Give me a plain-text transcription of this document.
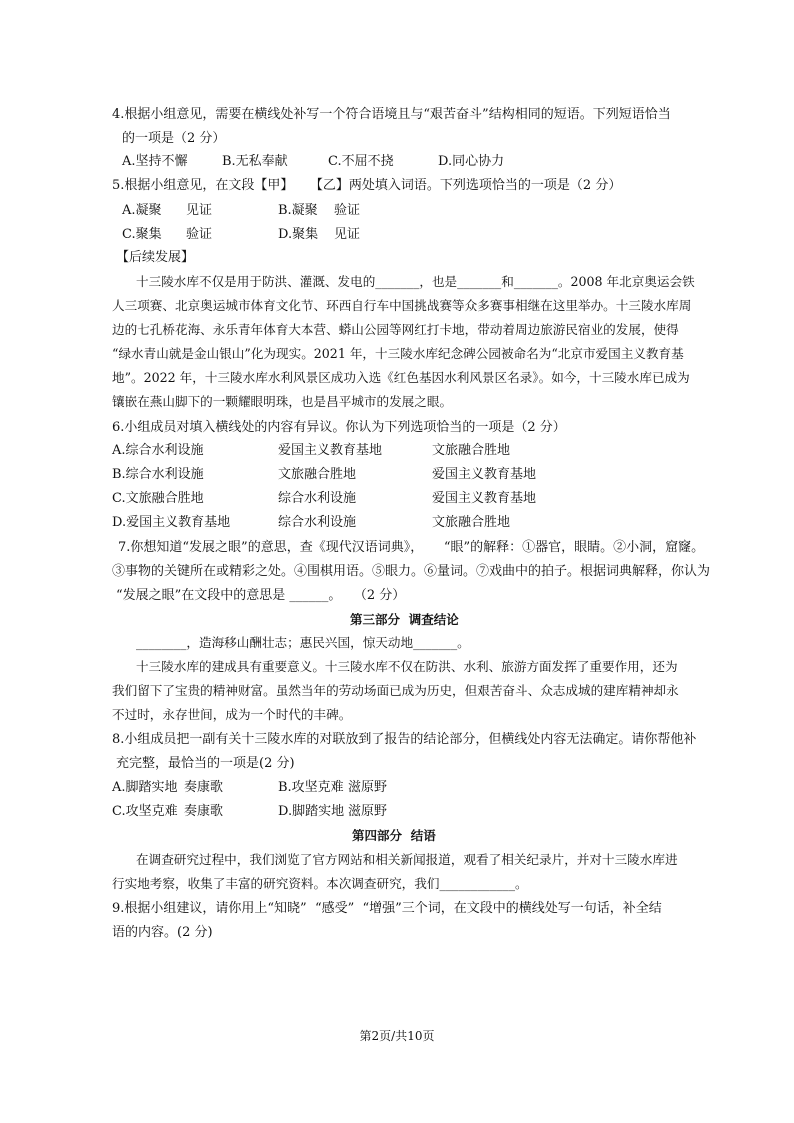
4.根据小组意见，需要在横线处补写一个符合语境且与“艰苦奋斗”结构相同的短语。下列短语恰当
的一项是（2 分）
A.坚持不懈	B.无私奉献	C.不屈不挠	D.同心协力
5.根据小组意见，在文段【甲】    【乙】两处填入词语。下列选项恰当的一项是（2 分）
A.凝聚 见证	B.凝聚 验证
C.聚集 验证	D.聚集 见证
【后续发展】
十三陵水库不仅是用于防洪、灌溉、发电的_______，也是_______和_______。2008 年北京奥运会铁
人三项赛、北京奥运城市体育文化节、环西自行车中国挑战赛等众多赛事相继在这里举办。十三陵水库周
边的七孔桥花海、永乐青年体育大本营、蟒山公园等网红打卡地，带动着周边旅游民宿业的发展，使得
“绿水青山就是金山银山”化为现实。2021 年，十三陵水库纪念碑公园被命名为“北京市爱国主义教育基
地”。2022 年，十三陵水库水利风景区成功入选《红色基因水利风景区名录》。如今，十三陵水库已成为
镶嵌在燕山脚下的一颗耀眼明珠，也是昌平城市的发展之眼。
6.小组成员对填入横线处的内容有异议。你认为下列选项恰当的一项是（2 分）
A.综合水利设施	爱国主义教育基地	文旅融合胜地
B.综合水利设施	文旅融合胜地	爱国主义教育基地
C.文旅融合胜地	综合水利设施	爱国主义教育基地
D.爱国主义教育基地	综合水利设施	文旅融合胜地
7.你想知道“发展之眼”的意思，查《现代汉语词典》，     “眼”的解释：①器官，眼睛。②小洞，窟窿。
③事物的关键所在或精彩之处。④围棋用语。⑤眼力。⑥量词。⑦戏曲中的拍子。根据词典解释，你认为
“发展之眼”在文段中的意思是 ______。   （2 分）
第三部分  调查结论
________，造海移山酬壮志；惠民兴国，惊天动地_______。
十三陵水库的建成具有重要意义。十三陵水库不仅在防洪、水利、旅游方面发挥了重要作用，还为
我们留下了宝贵的精神财富。虽然当年的劳动场面已成为历史，但艰苦奋斗、众志成城的建库精神却永
不过时，永存世间，成为一个时代的丰碑。
8.小组成员把一副有关十三陵水库的对联放到了报告的结论部分，但横线处内容无法确定。请你帮他补
充完整，最恰当的一项是(2 分)
A.脚踏实地 奏康歌	B.攻坚克难 滋原野
C.攻坚克难 奏康歌	D.脚踏实地 滋原野
第四部分  结语
在调查研究过程中，我们浏览了官方网站和相关新闻报道，观看了相关纪录片，并对十三陵水库进
行实地考察，收集了丰富的研究资料。本次调查研究，我们____________。
9.根据小组建议，请你用上“知晓”  “感受”  “增强”三个词，在文段中的横线处写一句话，补全结
语的内容。(2 分)
第2页/共10页
